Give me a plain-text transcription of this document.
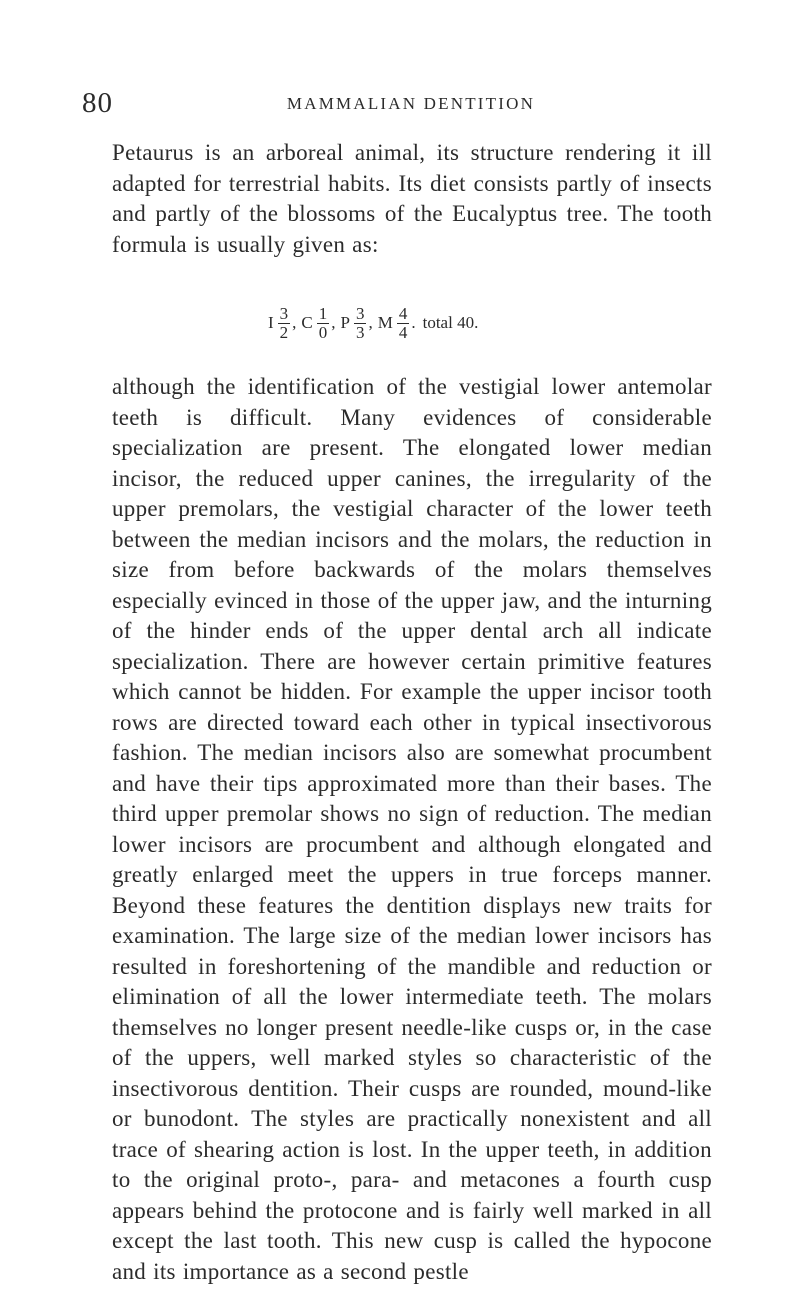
80	MAMMALIAN DENTITION

Petaurus is an arboreal animal, its structure rendering it ill adapted for terrestrial habits. Its diet consists partly of insects and partly of the blossoms of the Eucalyptus tree. The tooth formula is usually given as:

I $\frac{3}{2}$ , C $\frac{1}{0}$ , P $\frac{3}{3}$ , M $\frac{4}{4}$ . total 40.

although the identification of the vestigial lower antemolar teeth is difficult. Many evidences of considerable specialization are present. The elongated lower median incisor, the reduced upper canines, the irregularity of the upper premolars, the vestigial character of the lower teeth between the median incisors and the molars, the reduction in size from before backwards of the molars themselves especially evinced in those of the upper jaw, and the inturning of the hinder ends of the upper dental arch all indicate specialization. There are however certain primitive features which cannot be hidden. For example the upper incisor tooth rows are directed toward each other in typical insectivorous fashion. The median incisors also are somewhat procumbent and have their tips approximated more than their bases. The third upper premolar shows no sign of reduction. The median lower incisors are procumbent and although elongated and greatly enlarged meet the uppers in true forceps manner. Beyond these features the dentition displays new traits for examination. The large size of the median lower incisors has resulted in foreshortening of the mandible and reduction or elimination of all the lower intermediate teeth. The molars themselves no longer present needle-like cusps or, in the case of the uppers, well marked styles so characteristic of the insectivorous dentition. Their cusps are rounded, mound-like or bunodont. The styles are practically nonexistent and all trace of shearing action is lost. In the upper teeth, in addition to the original proto-, para- and metacones a fourth cusp appears behind the protocone and is fairly well marked in all except the last tooth. This new cusp is called the hypocone and its importance as a second pestle
